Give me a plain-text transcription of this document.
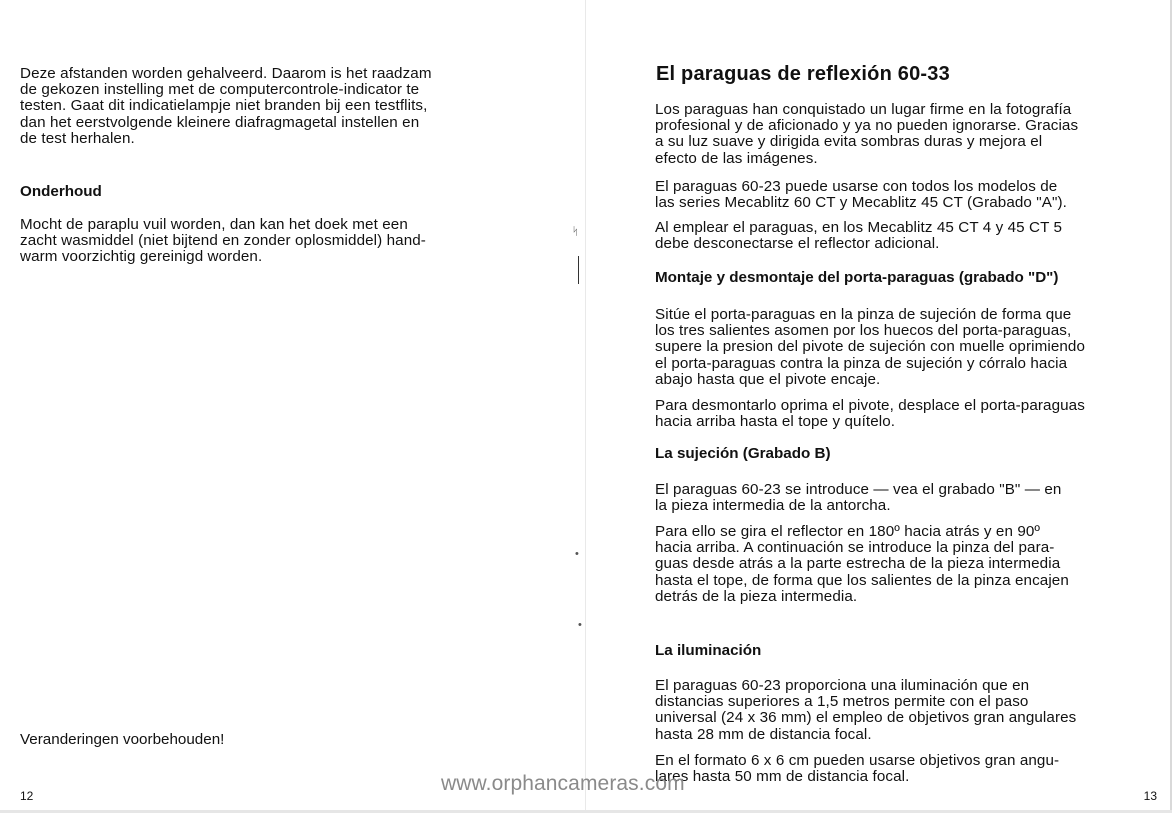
Deze afstanden worden gehalveerd. Daarom is het raadzam
de gekozen instelling met de computercontrole-indicator te
testen. Gaat dit indicatielampje niet branden bij een testflits,
dan het eerstvolgende kleinere diafragmagetal instellen en
de test herhalen.

Onderhoud

Mocht de paraplu vuil worden, dan kan het doek met een
zacht wasmiddel (niet bijtend en zonder oplosmiddel) hand-
warm voorzichtig gereinigd worden.

Veranderingen voorbehouden!

12

ᛋ
•
•
El paraguas de reflexión 60-33

Los paraguas han conquistado un lugar firme en la fotografía
profesional y de aficionado y ya no pueden ignorarse. Gracias
a su luz suave y dirigida evita sombras duras y mejora el
efecto de las imágenes.

El paraguas 60-23 puede usarse con todos los modelos de
las series Mecablitz 60 CT y Mecablitz 45 CT (Grabado "A").

Al emplear el paraguas, en los Mecablitz 45 CT 4 y 45 CT 5
debe desconectarse el reflector adicional.

Montaje y desmontaje del porta-paraguas (grabado "D")

Sitúe el porta-paraguas en la pinza de sujeción de forma que
los tres salientes asomen por los huecos del porta-paraguas,
supere la presion del pivote de sujeción con muelle oprimiendo
el porta-paraguas contra la pinza de sujeción y córralo hacia
abajo hasta que el pivote encaje.

Para desmontarlo oprima el pivote, desplace el porta-paraguas
hacia arriba hasta el tope y quítelo.

La sujeción (Grabado B)

El paraguas 60-23 se introduce — vea el grabado "B" — en
la pieza intermedia de la antorcha.

Para ello se gira el reflector en 180º hacia atrás y en 90º
hacia arriba. A continuación se introduce la pinza del para-
guas desde atrás a la parte estrecha de la pieza intermedia
hasta el tope, de forma que los salientes de la pinza encajen
detrás de la pieza intermedia.

La iluminación

El paraguas 60-23 proporciona una iluminación que en
distancias superiores a 1,5 metros permite con el paso
universal (24 x 36 mm) el empleo de objetivos gran angulares
hasta 28 mm de distancia focal.

En el formato 6 x 6 cm pueden usarse objetivos gran angu-
lares hasta 50 mm de distancia focal.

13

www.orphancameras.com
